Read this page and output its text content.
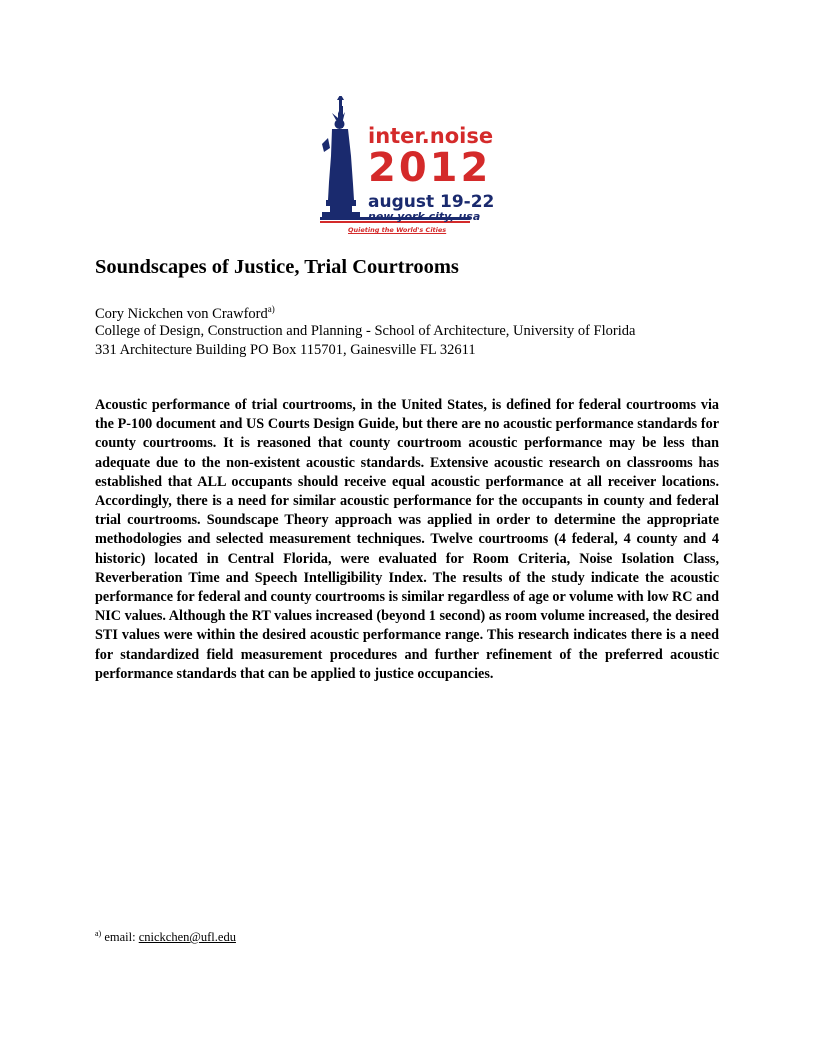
inter.noise
2012
august 19-22
new york city, usa
Quieting the World's Cities
Soundscapes of Justice, Trial Courtrooms
Cory Nickchen von Crawford$^{a)}$
College of Design, Construction and Planning - School of Architecture, University of Florida
331 Architecture Building PO Box 115701, Gainesville FL 32611

Acoustic performance of trial courtrooms, in the United States, is defined for federal courtrooms via the P-100 document and US Courts Design Guide, but there are no acoustic performance standards for county courtrooms. It is reasoned that county courtroom acoustic performance may be less than adequate due to the non-existent acoustic standards. Extensive acoustic research on classrooms has established that ALL occupants should receive equal acoustic performance at all receiver locations. Accordingly, there is a need for similar acoustic performance for the occupants in county and federal trial courtrooms. Soundscape Theory approach was applied in order to determine the appropriate methodologies and selected measurement techniques. Twelve courtrooms (4 federal, 4 county and 4 historic) located in Central Florida, were evaluated for Room Criteria, Noise Isolation Class, Reverberation Time and Speech Intelligibility Index. The results of the study indicate the acoustic performance for federal and county courtrooms is similar regardless of age or volume with low RC and NIC values. Although the RT values increased (beyond 1 second) as room volume increased, the desired STI values were within the desired acoustic performance range. This research indicates there is a need for standardized field measurement procedures and further refinement of the preferred acoustic performance standards that can be applied to justice occupancies.

$^{a)}$ email: cnickchen@ufl.edu
